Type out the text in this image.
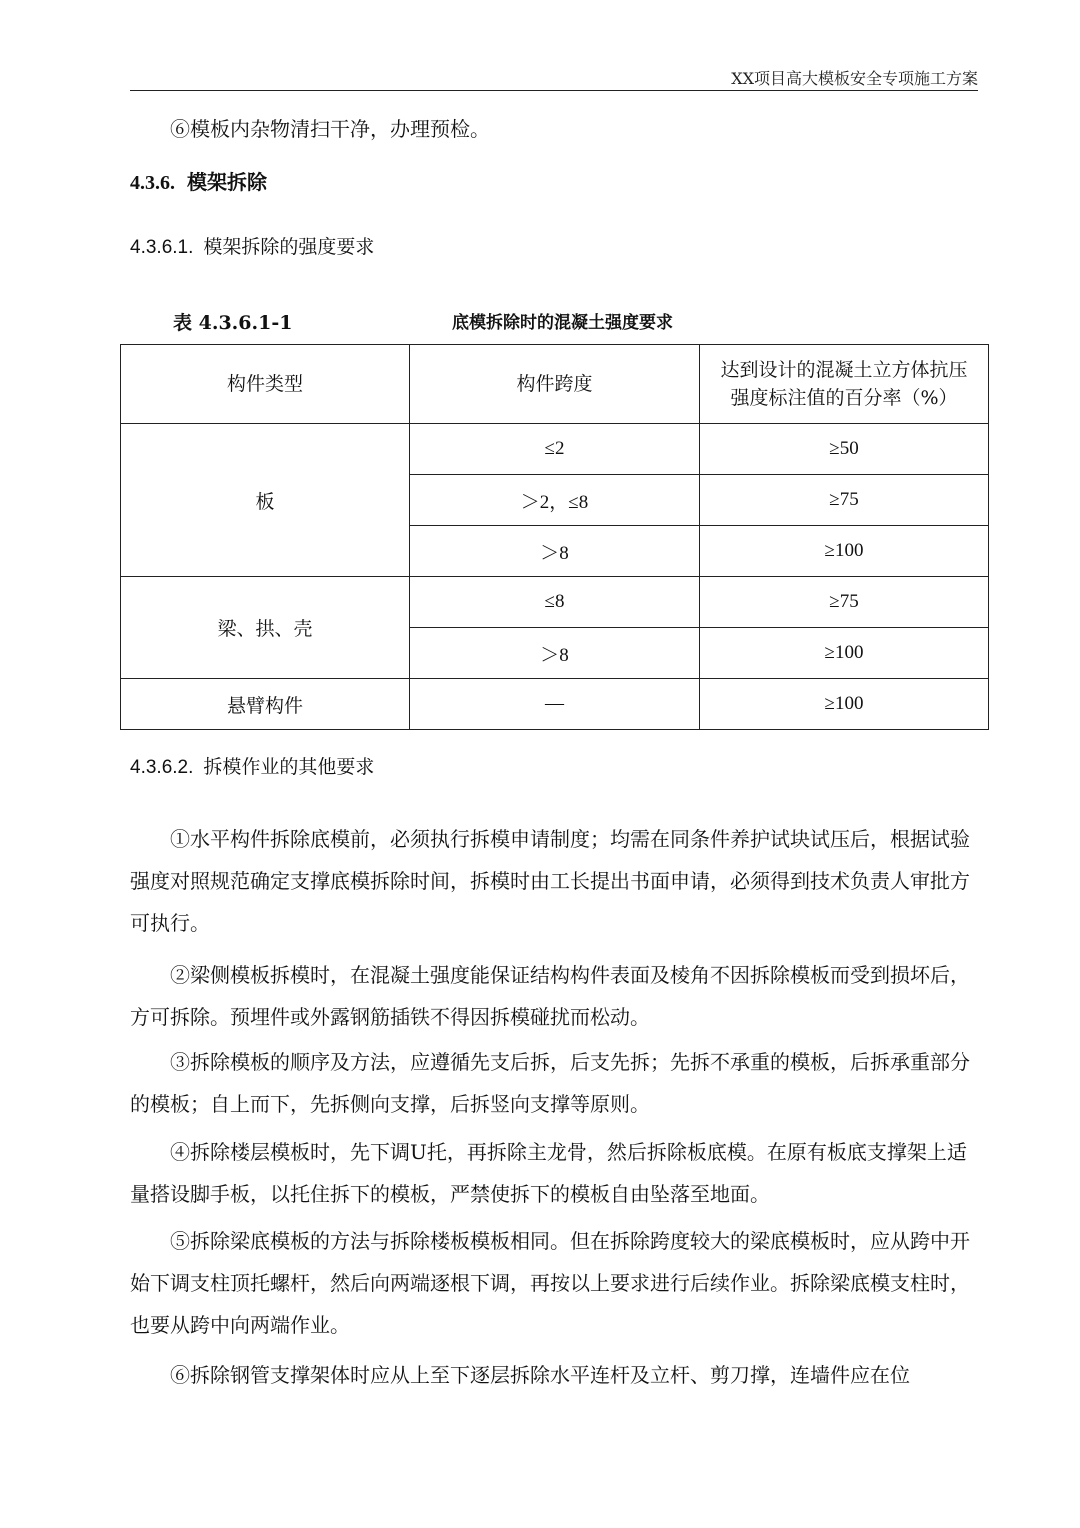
XX项目高大模板安全专项施工方案

⑥模板内杂物清扫干净，办理预检。

4.3.6. 模架拆除
4.3.6.1. 模架拆除的强度要求
表 4.3.6.1-1	底模拆除时的混凝土强度要求
构件类型	构件跨度	达到设计的混凝土立方体抗压强度标注值的百分率（%）
板	≤2	≥50
	＞2，≤8	≥75
	＞8	≥100
梁、拱、壳	≤8	≥75
	＞8	≥100
悬臂构件	—	≥100
4.3.6.2. 拆模作业的其他要求

①水平构件拆除底模前，必须执行拆模申请制度；均需在同条件养护试块试压后，根据试验强度对照规范确定支撑底模拆除时间，拆模时由工长提出书面申请，必须得到技术负责人审批方可执行。

②梁侧模板拆模时，在混凝土强度能保证结构构件表面及棱角不因拆除模板而受到损坏后，方可拆除。预埋件或外露钢筋插铁不得因拆模碰扰而松动。

③拆除模板的顺序及方法，应遵循先支后拆，后支先拆；先拆不承重的模板，后拆承重部分的模板；自上而下，先拆侧向支撑，后拆竖向支撑等原则。

④拆除楼层模板时，先下调U托，再拆除主龙骨，然后拆除板底模。在原有板底支撑架上适量搭设脚手板，以托住拆下的模板，严禁使拆下的模板自由坠落至地面。

⑤拆除梁底模板的方法与拆除楼板模板相同。但在拆除跨度较大的梁底模板时，应从跨中开始下调支柱顶托螺杆，然后向两端逐根下调，再按以上要求进行后续作业。拆除梁底模支柱时，也要从跨中向两端作业。

⑥拆除钢管支撑架体时应从上至下逐层拆除水平连杆及立杆、剪刀撑，连墙件应在位
